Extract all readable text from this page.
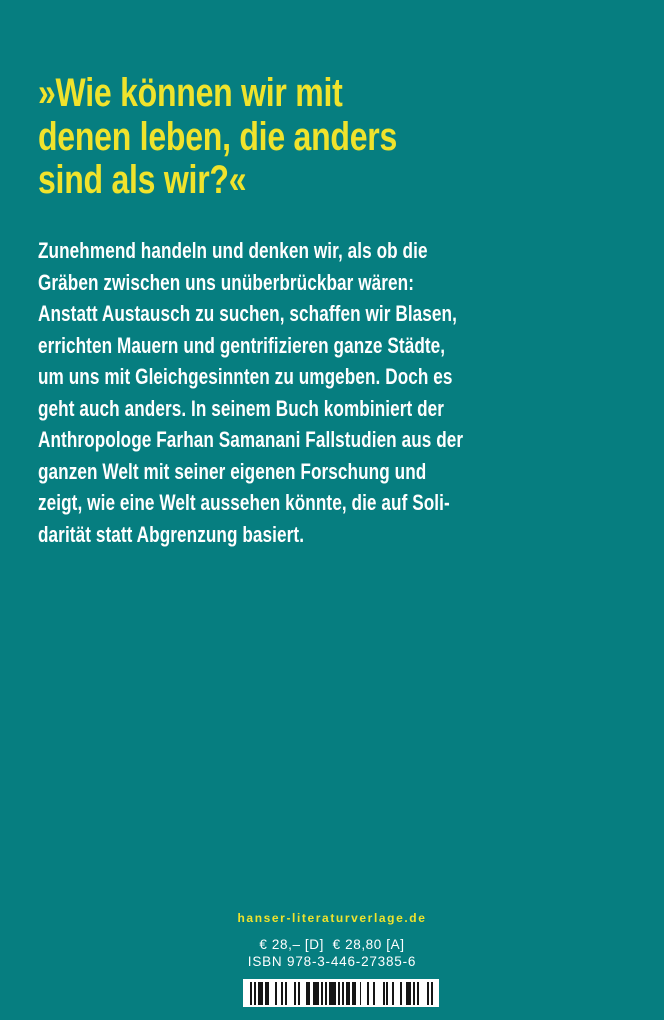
»Wie können wir mit
denen leben, die anders
sind als wir?«
Zunehmend handeln und denken wir, als ob die
Gräben zwischen uns unüberbrückbar wären:
Anstatt Austausch zu suchen, schaffen wir Blasen,
errichten Mauern und gentrifizieren ganze Städte,
um uns mit Gleichgesinnten zu umgeben. Doch es
geht auch anders. In seinem Buch kombiniert der
Anthropologe Farhan Samanani Fallstudien aus der
ganzen Welt mit seiner eigenen Forschung und
zeigt, wie eine Welt aussehen könnte, die auf Soli-
darität statt Abgrenzung basiert.
hanser-literaturverlage.de
€ 28,– [D]  € 28,80 [A]
ISBN 978-3-446-27385-6
